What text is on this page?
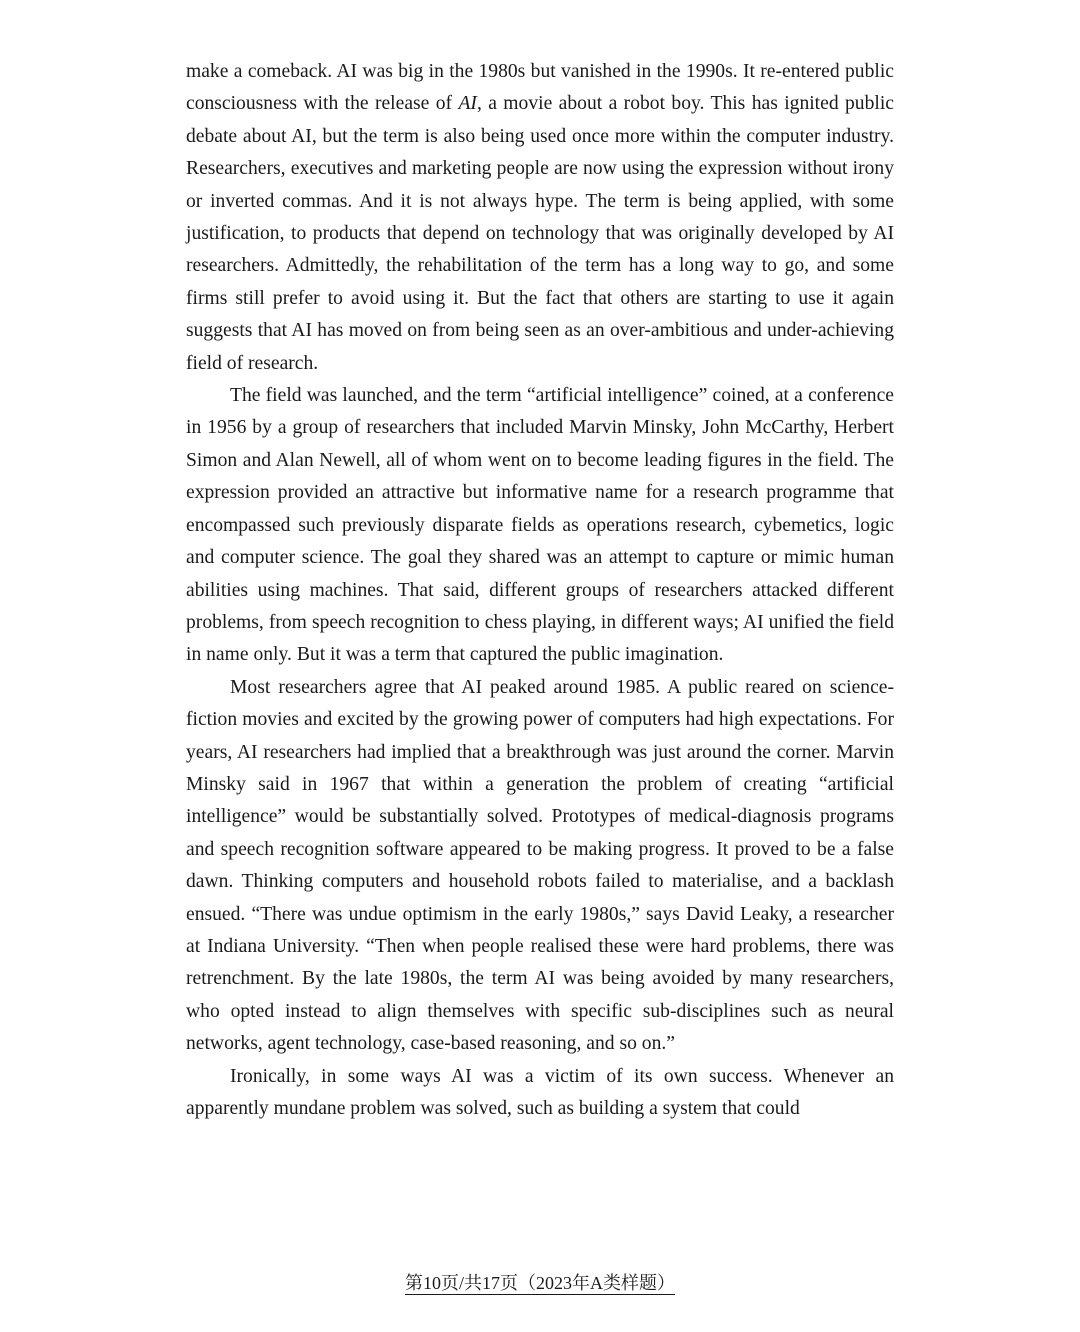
make a comeback. AI was big in the 1980s but vanished in the 1990s. It re-entered public consciousness with the release of AI, a movie about a robot boy. This has ignited public debate about AI, but the term is also being used once more within the computer industry. Researchers, executives and marketing people are now using the expression without irony or inverted commas. And it is not always hype. The term is being applied, with some justification, to products that depend on technology that was originally developed by AI researchers. Admittedly, the rehabilitation of the term has a long way to go, and some firms still prefer to avoid using it. But the fact that others are starting to use it again suggests that AI has moved on from being seen as an over-ambitious and under-achieving field of research.

The field was launched, and the term “artificial intelligence” coined, at a conference in 1956 by a group of researchers that included Marvin Minsky, John McCarthy, Herbert Simon and Alan Newell, all of whom went on to become leading figures in the field. The expression provided an attractive but informative name for a research programme that encompassed such previously disparate fields as operations research, cybemetics, logic and computer science. The goal they shared was an attempt to capture or mimic human abilities using machines. That said, different groups of researchers attacked different problems, from speech recognition to chess playing, in different ways; AI unified the field in name only. But it was a term that captured the public imagination.

Most researchers agree that AI peaked around 1985. A public reared on science-fiction movies and excited by the growing power of computers had high expectations. For years, AI researchers had implied that a breakthrough was just around the corner. Marvin Minsky said in 1967 that within a generation the problem of creating “artificial intelligence” would be substantially solved. Prototypes of medical-diagnosis programs and speech recognition software appeared to be making progress. It proved to be a false dawn. Thinking computers and household robots failed to materialise, and a backlash ensued. “There was undue optimism in the early 1980s,” says David Leaky, a researcher at Indiana University. “Then when people realised these were hard problems, there was retrenchment. By the late 1980s, the term AI was being avoided by many researchers, who opted instead to align themselves with specific sub-disciplines such as neural networks, agent technology, case-based reasoning, and so on.”

Ironically, in some ways AI was a victim of its own success. Whenever an apparently mundane problem was solved, such as building a system that could

第10页/共17页（2023年A类样题）
